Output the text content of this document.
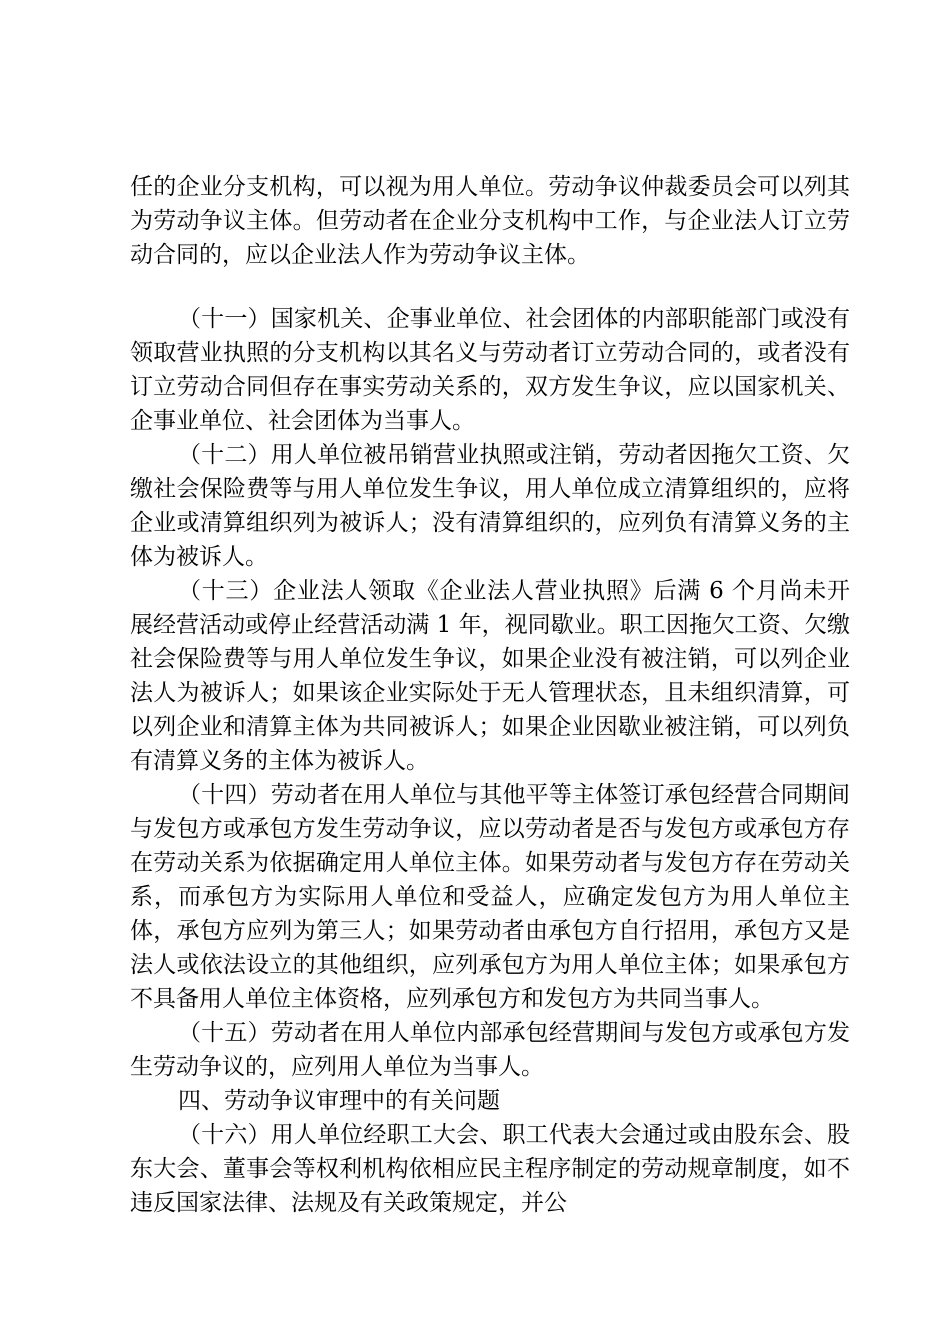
任的企业分支机构，可以视为用人单位。劳动争议仲裁委员会可以列其为劳动争议主体。但劳动者在企业分支机构中工作，与企业法人订立劳动合同的，应以企业法人作为劳动争议主体。

（十一）国家机关、企事业单位、社会团体的内部职能部门或没有领取营业执照的分支机构以其名义与劳动者订立劳动合同的，或者没有订立劳动合同但存在事实劳动关系的，双方发生争议，应以国家机关、企事业单位、社会团体为当事人。

（十二）用人单位被吊销营业执照或注销，劳动者因拖欠工资、欠缴社会保险费等与用人单位发生争议，用人单位成立清算组织的，应将企业或清算组织列为被诉人；没有清算组织的，应列负有清算义务的主体为被诉人。

（十三）企业法人领取《企业法人营业执照》后满 6 个月尚未开展经营活动或停止经营活动满 1 年，视同歇业。职工因拖欠工资、欠缴社会保险费等与用人单位发生争议，如果企业没有被注销，可以列企业法人为被诉人；如果该企业实际处于无人管理状态，且未组织清算，可以列企业和清算主体为共同被诉人；如果企业因歇业被注销，可以列负有清算义务的主体为被诉人。

（十四）劳动者在用人单位与其他平等主体签订承包经营合同期间与发包方或承包方发生劳动争议，应以劳动者是否与发包方或承包方存在劳动关系为依据确定用人单位主体。如果劳动者与发包方存在劳动关系，而承包方为实际用人单位和受益人，应确定发包方为用人单位主体，承包方应列为第三人；如果劳动者由承包方自行招用，承包方又是法人或依法设立的其他组织，应列承包方为用人单位主体；如果承包方不具备用人单位主体资格，应列承包方和发包方为共同当事人。

（十五）劳动者在用人单位内部承包经营期间与发包方或承包方发生劳动争议的，应列用人单位为当事人。

四、劳动争议审理中的有关问题

（十六）用人单位经职工大会、职工代表大会通过或由股东会、股东大会、董事会等权利机构依相应民主程序制定的劳动规章制度，如不违反国家法律、法规及有关政策规定，并公
